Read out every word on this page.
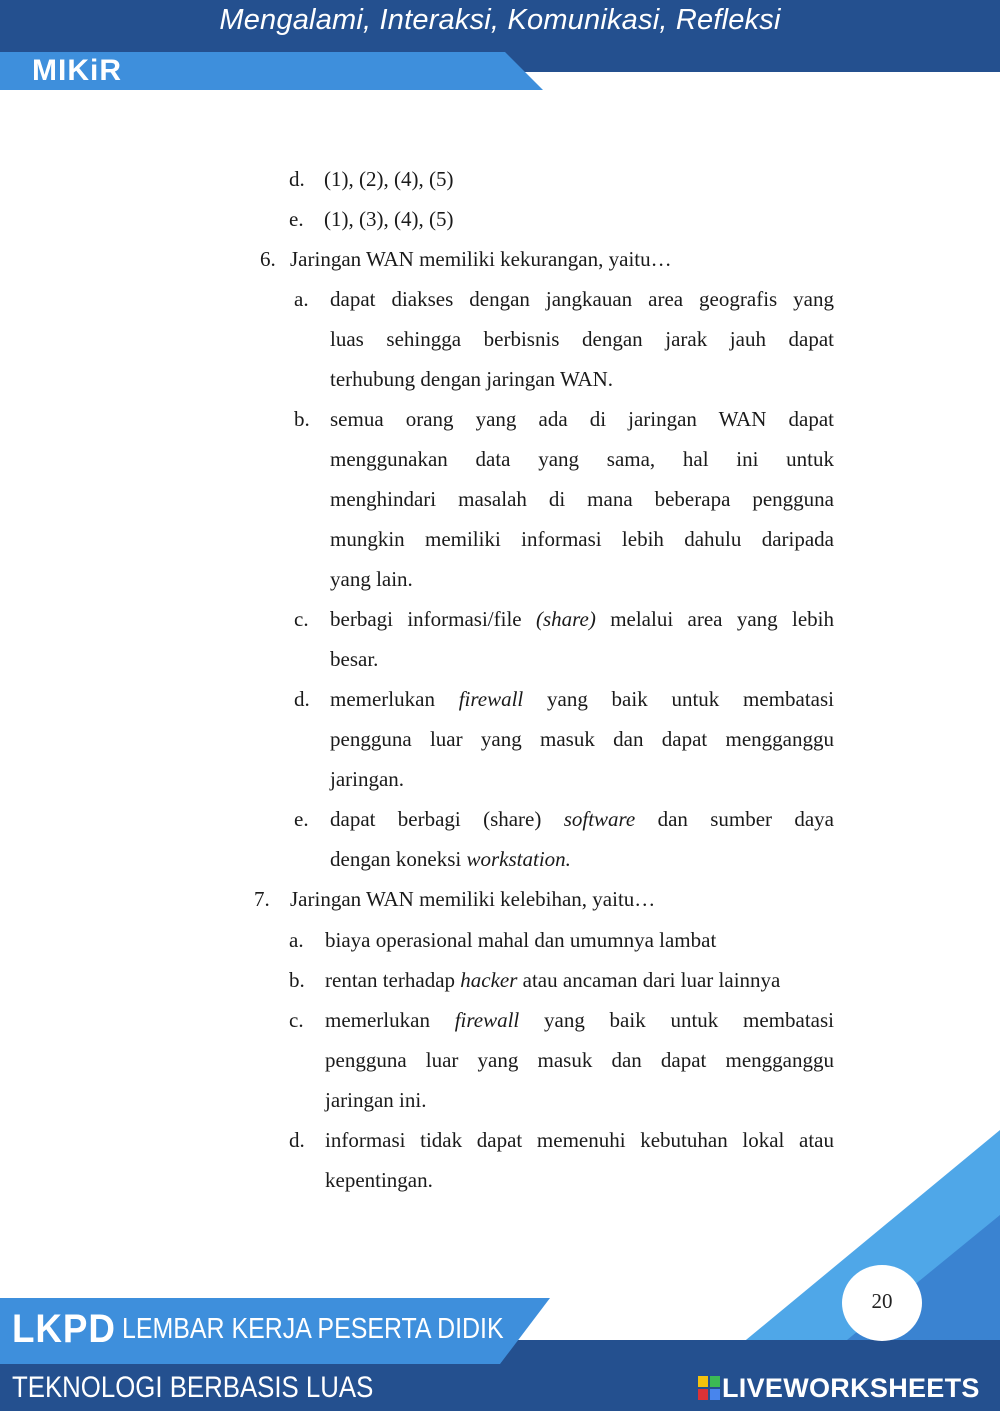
Mengalami, Interaksi, Komunikasi, Refleksi
MIKiR
d. (1), (2), (4), (5)
e. (1), (3), (4), (5)
6. Jaringan WAN memiliki kekurangan, yaitu…
a. dapat diakses dengan jangkauan area geografis yang
luas sehingga berbisnis dengan jarak jauh dapat
terhubung dengan jaringan WAN.
b. semua orang yang ada di jaringan WAN dapat
menggunakan data yang sama, hal ini untuk
menghindari masalah di mana beberapa pengguna
mungkin memiliki informasi lebih dahulu daripada
yang lain.
c. berbagi informasi/file (share) melalui area yang lebih
besar.
d. memerlukan firewall yang baik untuk membatasi
pengguna luar yang masuk dan dapat mengganggu
jaringan.
e. dapat berbagi (share) software dan sumber daya
dengan koneksi workstation.
7. Jaringan WAN memiliki kelebihan, yaitu…
a. biaya operasional mahal dan umumnya lambat
b. rentan terhadap hacker atau ancaman dari luar lainnya
c. memerlukan firewall yang baik untuk membatasi
pengguna luar yang masuk dan dapat mengganggu
jaringan ini.
d. informasi tidak dapat memenuhi kebutuhan lokal atau
kepentingan.
20
LKPD LEMBAR KERJA PESERTA DIDIK
TEKNOLOGI BERBASIS LUAS	LIVEWORKSHEETS
